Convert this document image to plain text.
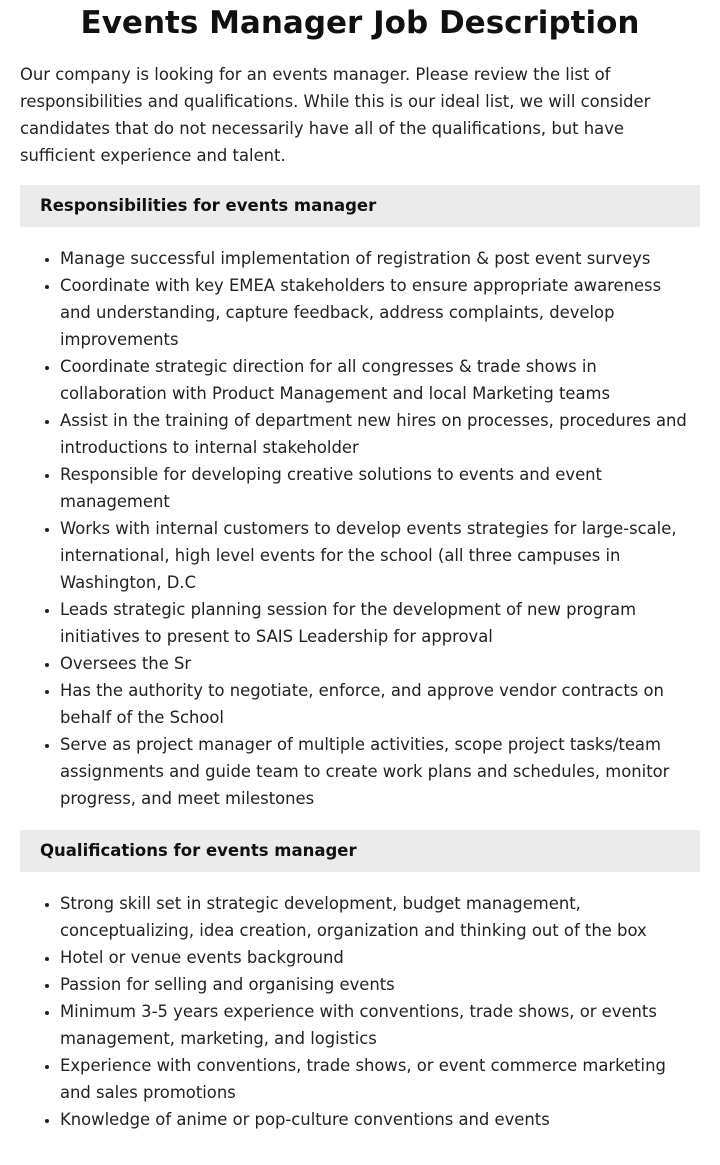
Events Manager Job Description

Our company is looking for an events manager. Please review the list of responsibilities and qualifications. While this is our ideal list, we will consider candidates that do not necessarily have all of the qualifications, but have sufficient experience and talent.

Responsibilities for events manager
• Manage successful implementation of registration & post event surveys
• Coordinate with key EMEA stakeholders to ensure appropriate awareness and understanding, capture feedback, address complaints, develop improvements
• Coordinate strategic direction for all congresses & trade shows in collaboration with Product Management and local Marketing teams
• Assist in the training of department new hires on processes, procedures and introductions to internal stakeholder
• Responsible for developing creative solutions to events and event management
• Works with internal customers to develop events strategies for large-scale, international, high level events for the school (all three campuses in Washington, D.C
• Leads strategic planning session for the development of new program initiatives to present to SAIS Leadership for approval
• Oversees the Sr
• Has the authority to negotiate, enforce, and approve vendor contracts on behalf of the School
• Serve as project manager of multiple activities, scope project tasks/team assignments and guide team to create work plans and schedules, monitor progress, and meet milestones
Qualifications for events manager
• Strong skill set in strategic development, budget management, conceptualizing, idea creation, organization and thinking out of the box
• Hotel or venue events background
• Passion for selling and organising events
• Minimum 3-5 years experience with conventions, trade shows, or events management, marketing, and logistics
• Experience with conventions, trade shows, or event commerce marketing and sales promotions
• Knowledge of anime or pop-culture conventions and events
